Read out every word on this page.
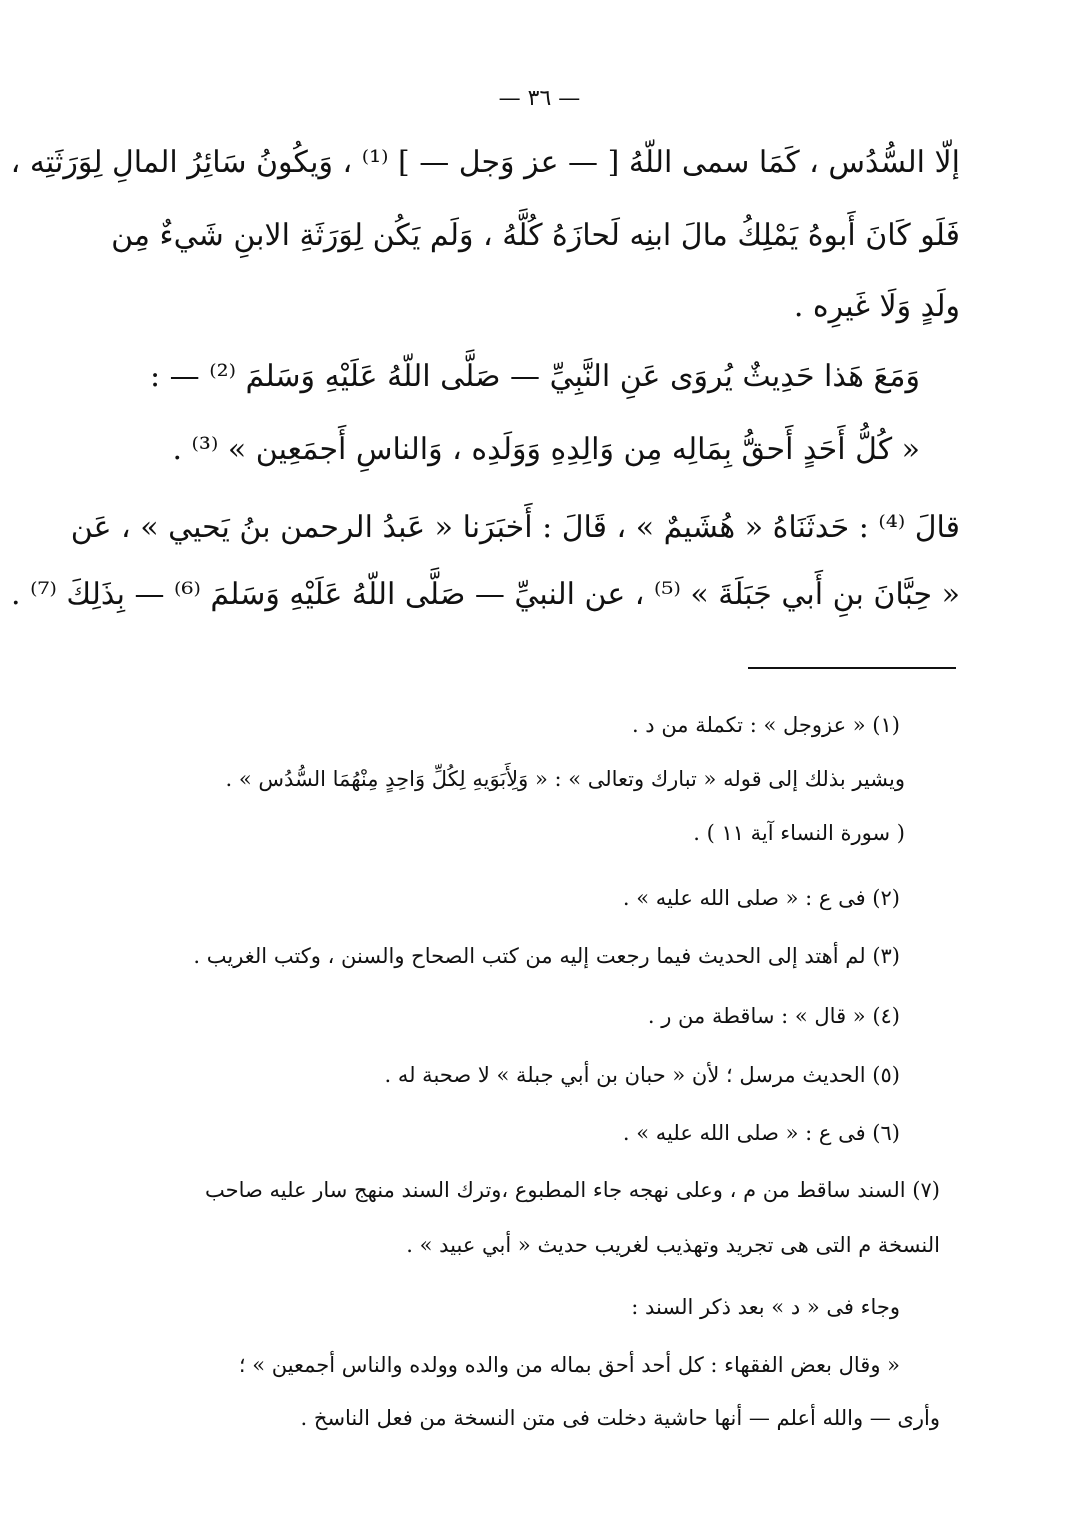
— ٣٦ —
إلّا السُّدُس ، كَمَا سمى اللّهُ [ — عز وَجل — ] ⁽¹⁾ ، وَيكُونُ سَائِرُ المالِ لِوَرَثَتِه ،
فَلَو كَانَ أَبوهُ يَمْلِكُ مالَ ابنِه لَحازَهُ كُلَّهُ ، وَلَم يَكُن لِوَرَثَةِ الابنِ شَيءٌ مِن
ولَدٍ وَلَا غَيرِه .
وَمَعَ هَذا حَدِيثٌ يُروَى عَنِ النَّبِيِّ — صَلَّى اللّهُ عَلَيْهِ وَسَلمَ ⁽²⁾ — :
« كُلُّ أَحَدٍ أَحقُّ بِمَالِه مِن وَالِدِهِ وَوَلَدِه ، وَالناسِ أَجمَعِين » ⁽³⁾ .
قالَ ⁽⁴⁾ : حَدثَنَاهُ « هُشَيمٌ » ، قَالَ : أَخبَرَنا « عَبدُ الرحمن بنُ يَحيي » ، عَن
« حِبَّانَ بنِ أَبي جَبَلَةَ » ⁽⁵⁾ ، عن النبيِّ — صَلَّى اللّهُ عَلَيْهِ وَسَلمَ ⁽⁶⁾ — بِذَلِكَ ⁽⁷⁾ .
(١) « عزوجل » : تكملة من د .
ويشير بذلك إلى قوله « تبارك وتعالى » : « وَلِأَبَوَيهِ لِكُلِّ وَاحِدٍ مِنْهُمَا السُّدُس » .
( سورة النساء آية ١١ ) .
(٢) فى ع : « صلى الله عليه » .
(٣) لم أهتد إلى الحديث فيما رجعت إليه من كتب الصحاح والسنن ، وكتب الغريب .
(٤) « قال » : ساقطة من ر .
(٥) الحديث مرسل ؛ لأن « حبان بن أبي جبلة » لا صحبة له .
(٦) فى ع : « صلى الله عليه » .
(٧) السند ساقط من م ، وعلى نهجه جاء المطبوع ،وترك السند منهج سار عليه صاحب
النسخة م التى هى تجريد وتهذيب لغريب حديث « أبي عبيد » .
وجاء فى « د » بعد ذكر السند :
« وقال بعض الفقهاء : كل أحد أحق بماله من والده وولده والناس أجمعين » ؛
وأرى — والله أعلم — أنها حاشية دخلت فى متن النسخة من فعل الناسخ .
